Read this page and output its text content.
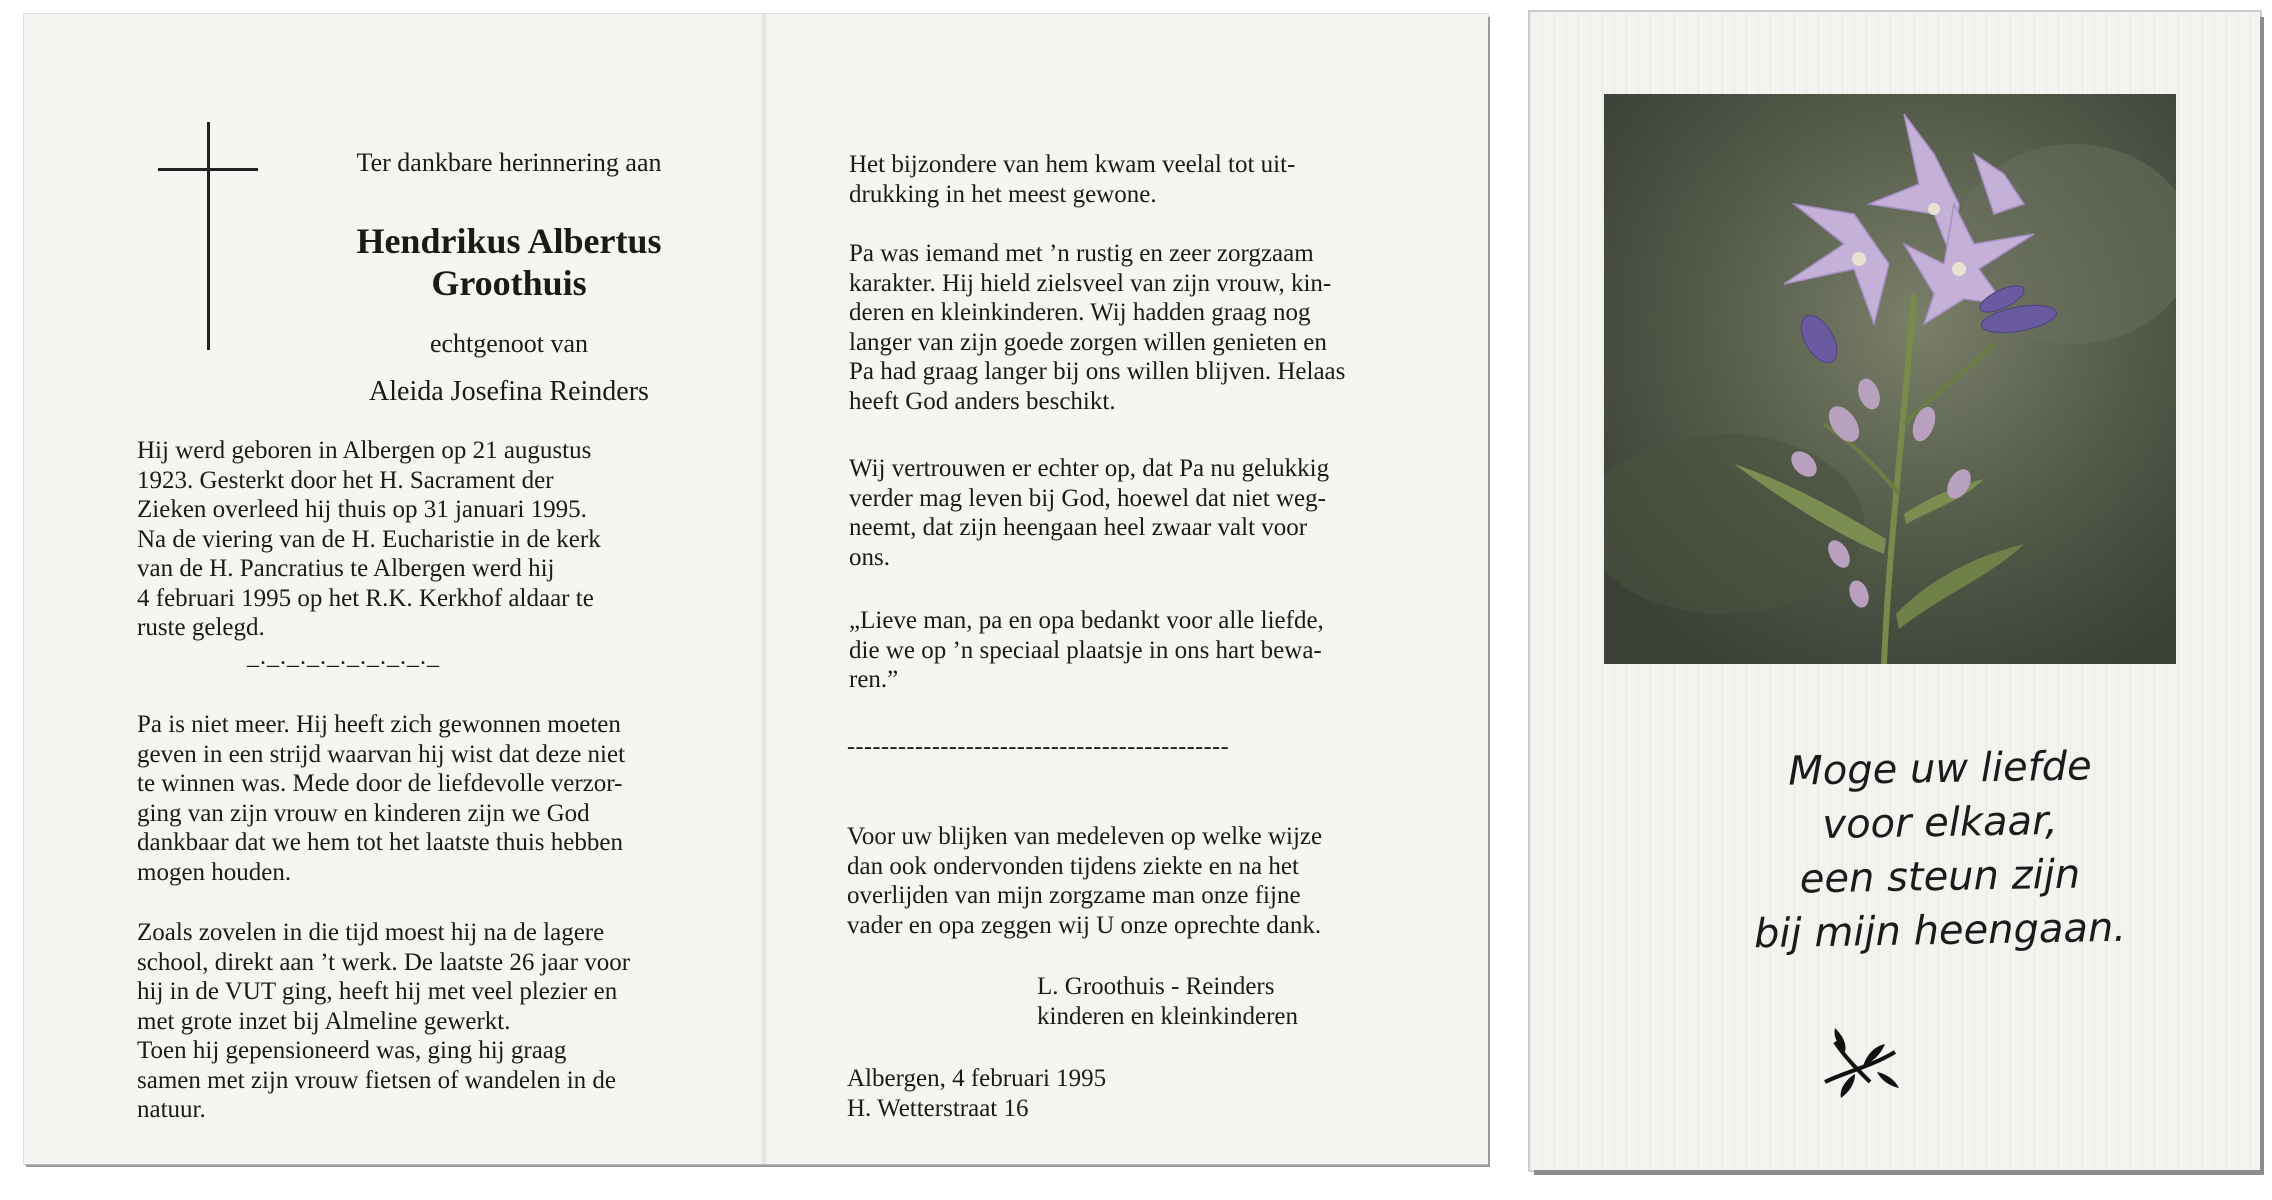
Ter dankbare herinnering aan
Hendrikus Albertus
Groothuis
echtgenoot van
Aleida Josefina Reinders

Hij werd geboren in Albergen op 21 augustus

1923. Gesterkt door het H. Sacrament der

Zieken overleed hij thuis op 31 januari 1995.

Na de viering van de H. Eucharistie in de kerk

van de H. Pancratius te Albergen werd hij

4 februari 1995 op het R.K. Kerkhof aldaar te

ruste gelegd.

_._._._._._._._._._

Pa is niet meer. Hij heeft zich gewonnen moeten

geven in een strijd waarvan hij wist dat deze niet

te winnen was. Mede door de liefdevolle verzor-

ging van zijn vrouw en kinderen zijn we God

dankbaar dat we hem tot het laatste thuis hebben

mogen houden.

Zoals zovelen in die tijd moest hij na de lagere

school, direkt aan ’t werk. De laatste 26 jaar voor

hij in de VUT ging, heeft hij met veel plezier en

met grote inzet bij Almeline gewerkt.

Toen hij gepensioneerd was, ging hij graag

samen met zijn vrouw fietsen of wandelen in de

natuur.

Het bijzondere van hem kwam veelal tot uit-

drukking in het meest gewone.

Pa was iemand met ’n rustig en zeer zorgzaam

karakter. Hij hield zielsveel van zijn vrouw, kin-

deren en kleinkinderen. Wij hadden graag nog

langer van zijn goede zorgen willen genieten en

Pa had graag langer bij ons willen blijven. Helaas

heeft God anders beschikt.

Wij vertrouwen er echter op, dat Pa nu gelukkig

verder mag leven bij God, hoewel dat niet weg-

neemt, dat zijn heengaan heel zwaar valt voor

ons.

„Lieve man, pa en opa bedankt voor alle liefde,

die we op ’n speciaal plaatsje in ons hart bewa-

ren.”

---------------------------------------------

Voor uw blijken van medeleven op welke wijze

dan ook ondervonden tijdens ziekte en na het

overlijden van mijn zorgzame man onze fijne

vader en opa zeggen wij U onze oprechte dank.

L. Groothuis - Reinders

kinderen en kleinkinderen

Albergen, 4 februari 1995

H. Wetterstraat 16

Moge uw liefde
voor elkaar,
een steun zijn
bij mijn heengaan.
